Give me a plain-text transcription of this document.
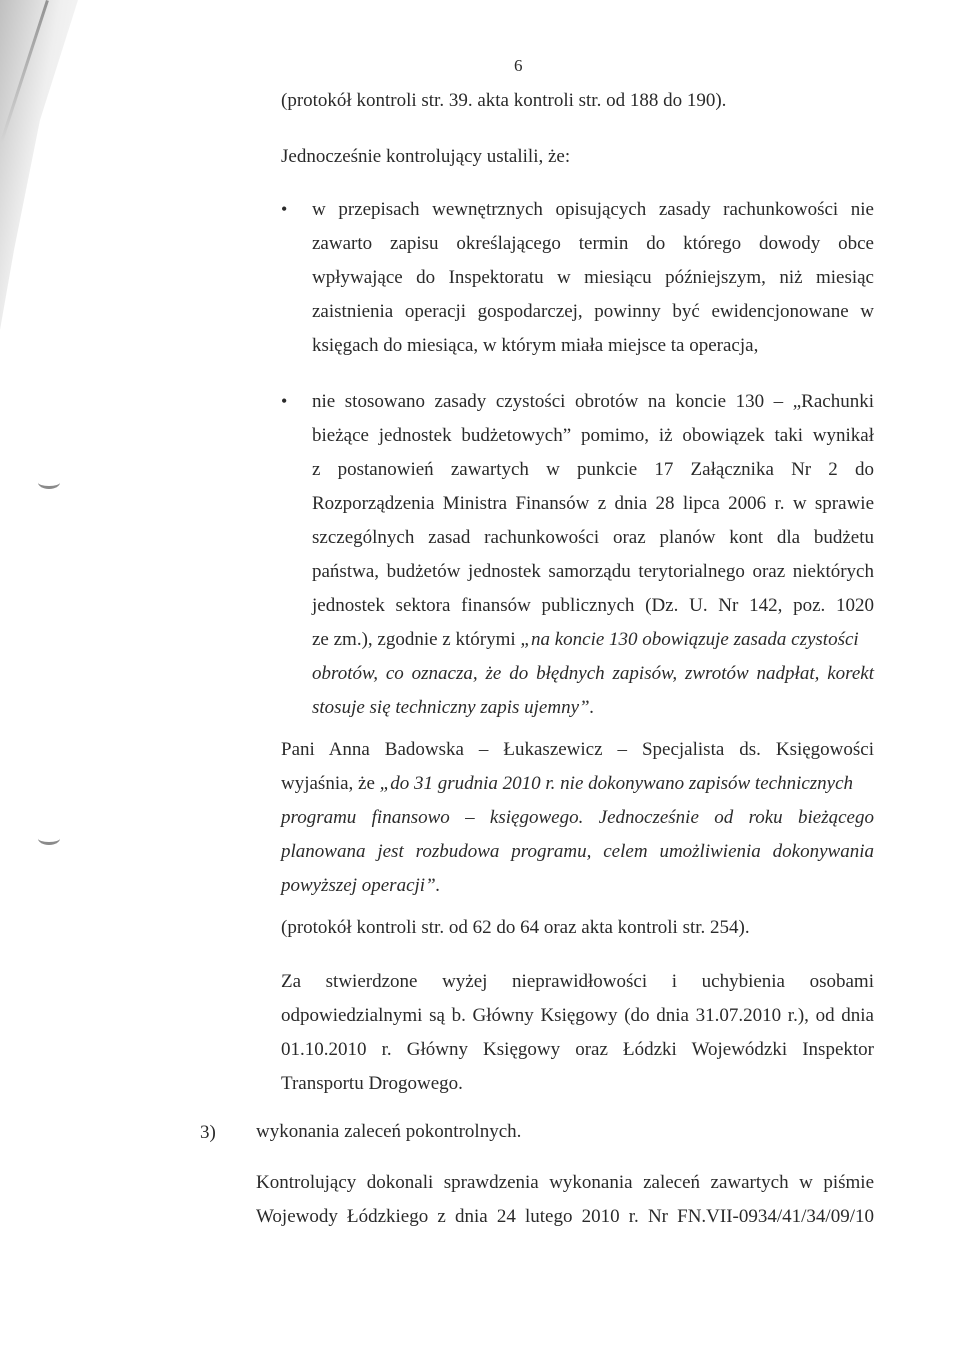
6
(protokół kontroli str. 39. akta kontroli str. od 188 do 190).
Jednocześnie kontrolujący ustalili, że:
• w przepisach wewnętrznych opisujących zasady rachunkowości nie
zawarto zapisu określającego termin do którego dowody obce
wpływające do Inspektoratu w miesiącu późniejszym, niż miesiąc
zaistnienia operacji gospodarczej, powinny być ewidencjonowane w
księgach do miesiąca, w którym miała miejsce ta operacja,
• nie stosowano zasady czystości obrotów na koncie 130 – „Rachunki
bieżące jednostek budżetowych” pomimo, iż obowiązek taki wynikał
z postanowień zawartych w punkcie 17 Załącznika Nr 2 do
Rozporządzenia Ministra Finansów z dnia 28 lipca 2006 r. w sprawie
szczególnych zasad rachunkowości oraz planów kont dla budżetu
państwa, budżetów jednostek samorządu terytorialnego oraz niektórych
jednostek sektora finansów publicznych (Dz. U. Nr 142, poz. 1020
ze zm.), zgodnie z którymi „na koncie 130 obowiązuje zasada czystości
obrotów, co oznacza, że do błędnych zapisów, zwrotów nadpłat, korekt
stosuje się techniczny zapis ujemny”.
Pani Anna Badowska – Łukaszewicz – Specjalista ds. Księgowości
wyjaśnia, że „do 31 grudnia 2010 r. nie dokonywano zapisów technicznych
programu finansowo – księgowego. Jednocześnie od roku bieżącego
planowana jest rozbudowa programu, celem umożliwienia dokonywania
powyższej operacji”.
(protokół kontroli str. od 62 do 64 oraz akta kontroli str. 254).
Za stwierdzone wyżej nieprawidłowości i uchybienia osobami
odpowiedzialnymi są b. Główny Księgowy (do dnia 31.07.2010 r.), od dnia
01.10.2010 r. Główny Księgowy oraz Łódzki Wojewódzki Inspektor
Transportu Drogowego.
3) wykonania zaleceń pokontrolnych.
Kontrolujący dokonali sprawdzenia wykonania zaleceń zawartych w piśmie
Wojewody Łódzkiego z dnia 24 lutego 2010 r. Nr FN.VII-0934/41/34/09/10
